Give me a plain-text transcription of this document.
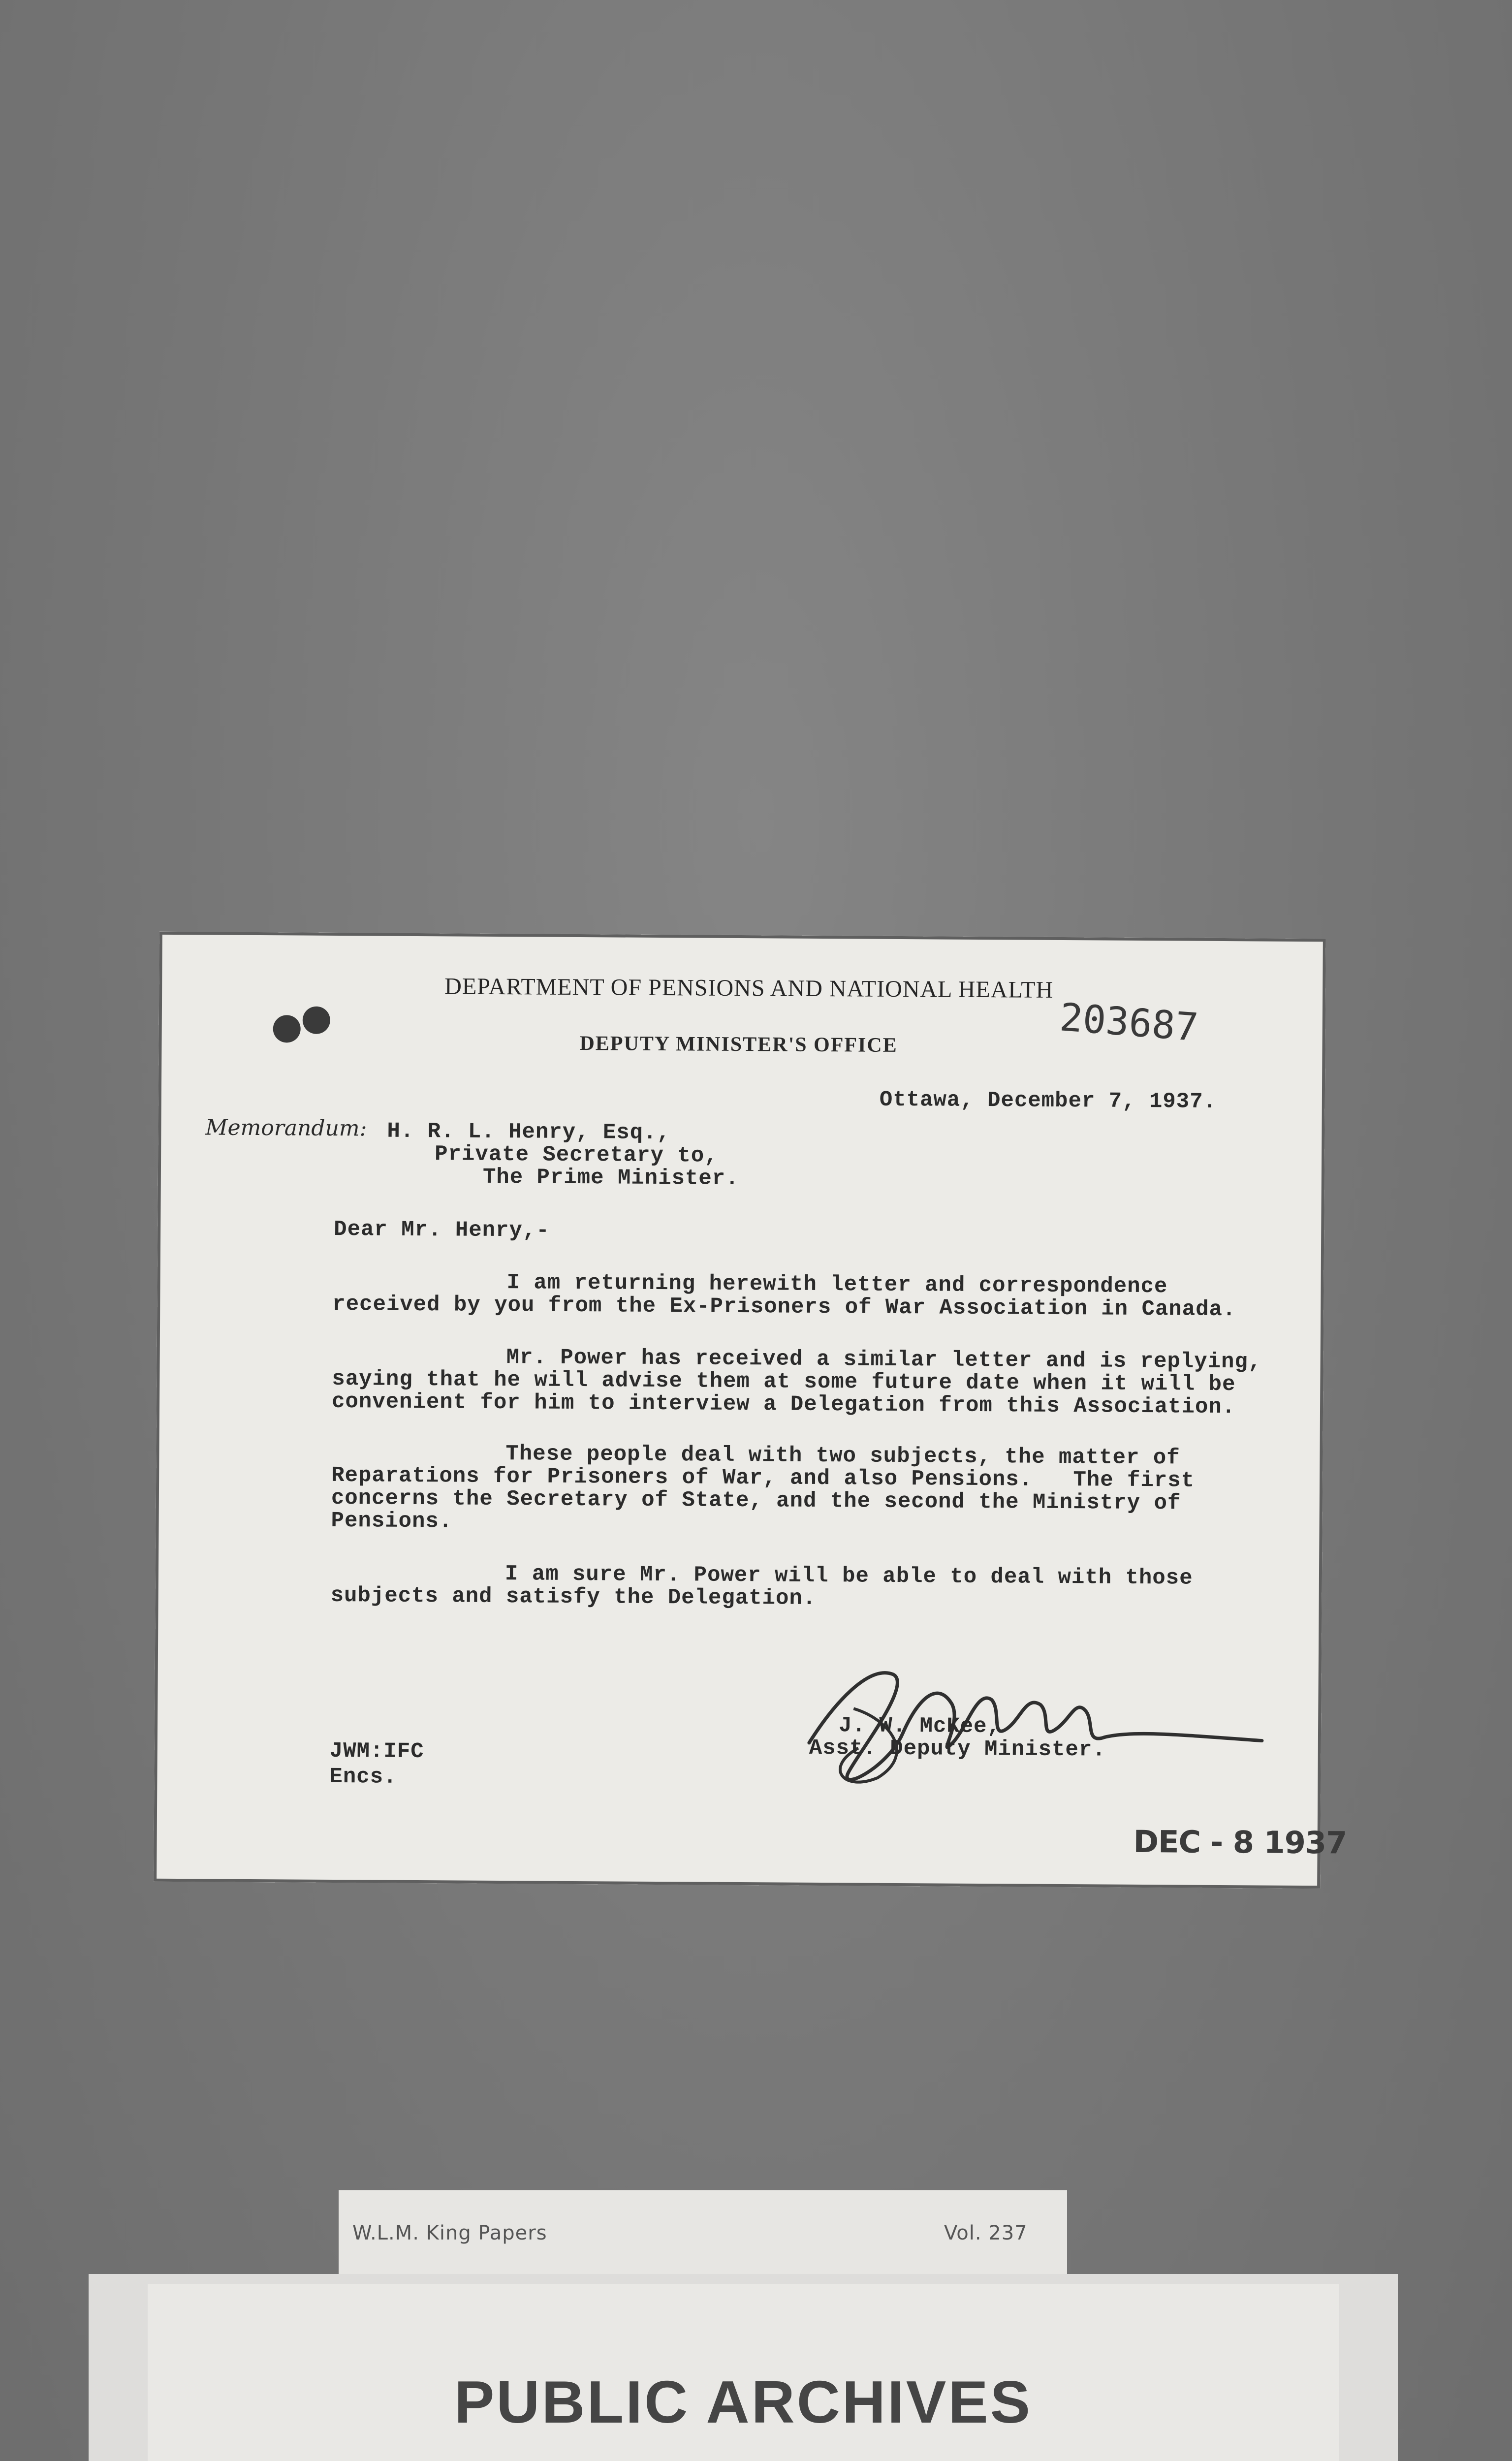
DEPARTMENT OF PENSIONS AND NATIONAL HEALTH
203687
DEPUTY MINISTER'S OFFICE
Ottawa, December 7, 1937.
Memorandum: H. R. L. Henry, Esq.,
Private Secretary to,
The Prime Minister.
Dear Mr. Henry,-
I am returning herewith letter and correspondence
received by you from the Ex-Prisoners of War Association in Canada.
Mr. Power has received a similar letter and is replying,
saying that he will advise them at some future date when it will be
convenient for him to interview a Delegation from this Association.
These people deal with two subjects, the matter of
Reparations for Prisoners of War, and also Pensions.   The first
concerns the Secretary of State, and the second the Ministry of
Pensions.
I am sure Mr. Power will be able to deal with those
subjects and satisfy the Delegation.
J. W. McKee,
Asst. Deputy Minister.
JWM:IFC
Encs.
DEC - 8 1937
W.L.M. King Papers	Vol. 237
PUBLIC ARCHIVES
